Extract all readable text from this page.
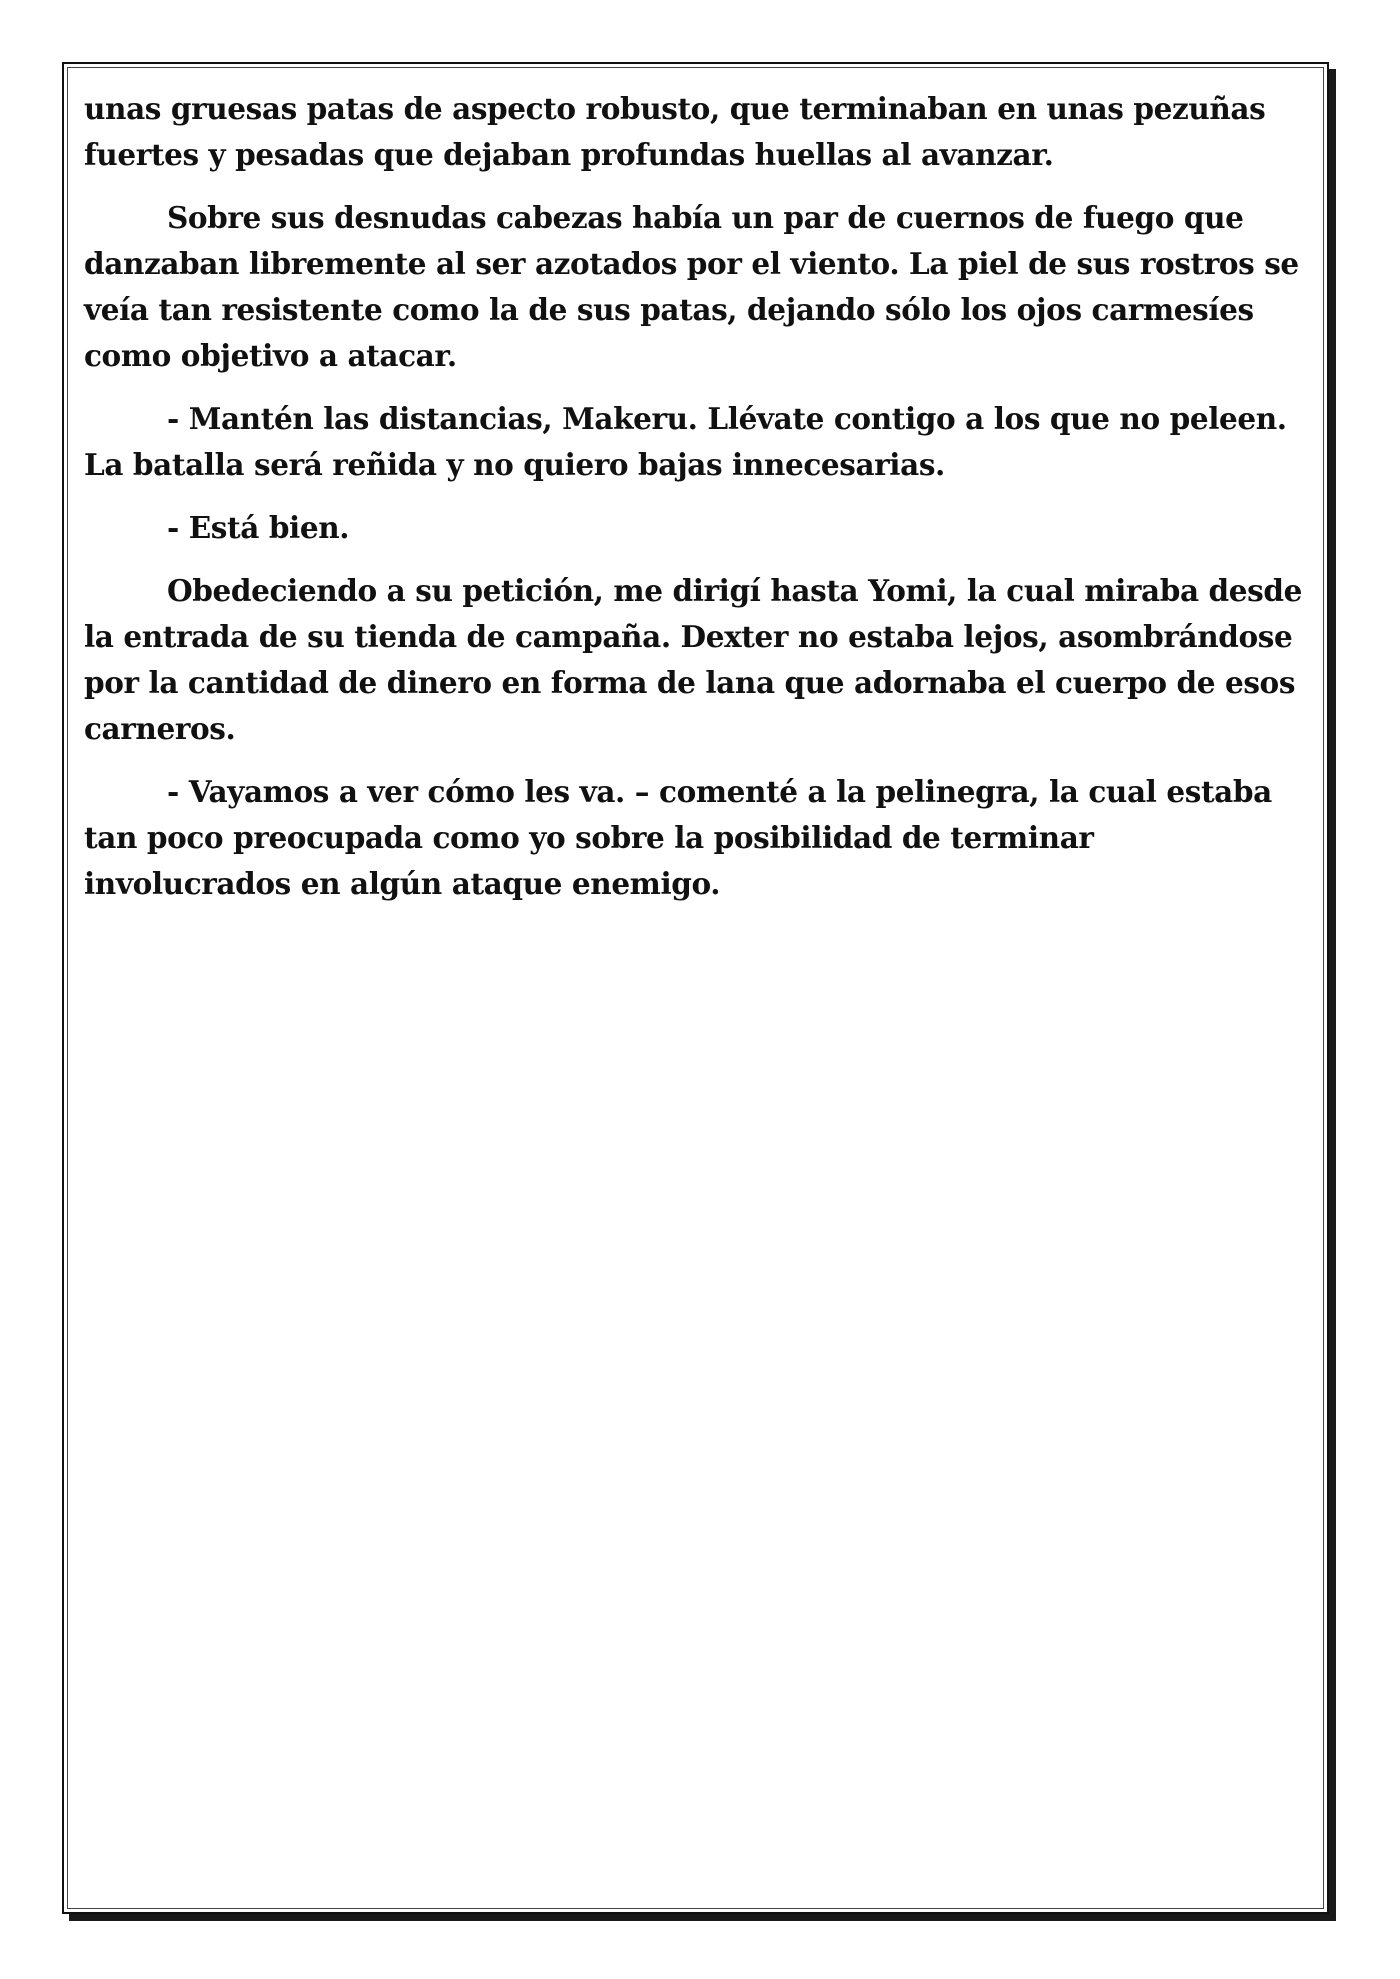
unas gruesas patas de aspecto robusto, que terminaban en unas pezuñas fuertes y pesadas que dejaban profundas huellas al avanzar.

Sobre sus desnudas cabezas había un par de cuernos de fuego que danzaban libremente al ser azotados por el viento. La piel de sus rostros se veía tan resistente como la de sus patas, dejando sólo los ojos carmesíes como objetivo a atacar.

- Mantén las distancias, Makeru. Llévate contigo a los que no peleen. La batalla será reñida y no quiero bajas innecesarias.

- Está bien.

Obedeciendo a su petición, me dirigí hasta Yomi, la cual miraba desde la entrada de su tienda de campaña. Dexter no estaba lejos, asombrándose por la cantidad de dinero en forma de lana que adornaba el cuerpo de esos carneros.

- Vayamos a ver cómo les va. – comenté a la pelinegra, la cual estaba tan poco preocupada como yo sobre la posibilidad de terminar involucrados en algún ataque enemigo.
